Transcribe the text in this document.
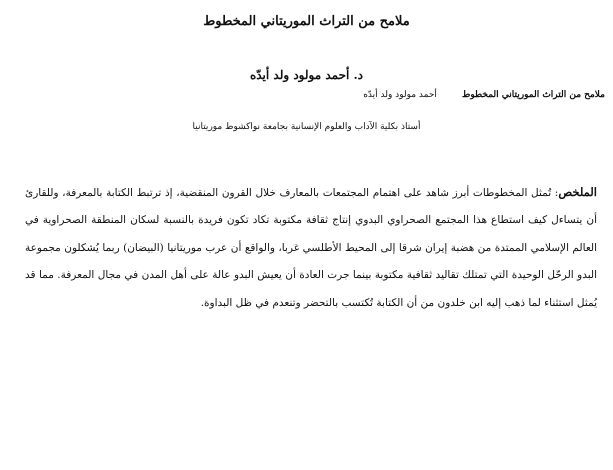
ملامح من التراث الموريتاني المخطوط
د. أحمد مولود ولد أيدّه
ملامح من التراث الموريتاني المخطوط أحمد مولود ولد أيدّه
أستاذ بكلية الآداب والعلوم الإنسانية بجامعة نواكشوط موريتانيا

الملخص: تُمثل المخطوطات أبرز شاهد على اهتمام المجتمعات بالمعارف خلال القرون المنقضية، إذ ترتبط الكتابة بالمعرفة، وللقارئ أن يتساءل كيف استطاع هذا المجتمع الصحراوي البدوي إنتاج ثقافة مكتوبة تكاد تكون فريدة بالنسبة لسكان المنطقة الصحراوية في العالم الإسلامي الممتدة من هضبة إيران شرقا إلى المحيط الأطلسي غربا، والواقع أن عرب موريتانيا (البيضان) ربما يُشكلون مجموعة البدو الرحّل الوحيدة التي تمتلك تقاليد ثقافية مكتوبة بينما جرت العادة أن يعيش البدو عالة على أهل المدن في مجال المعرفة. مما قد يُمثل استثناء لما ذهب إليه ابن خلدون من أن الكتابة تُكتسب بالتحضر وتنعدم في ظل البداوة.
